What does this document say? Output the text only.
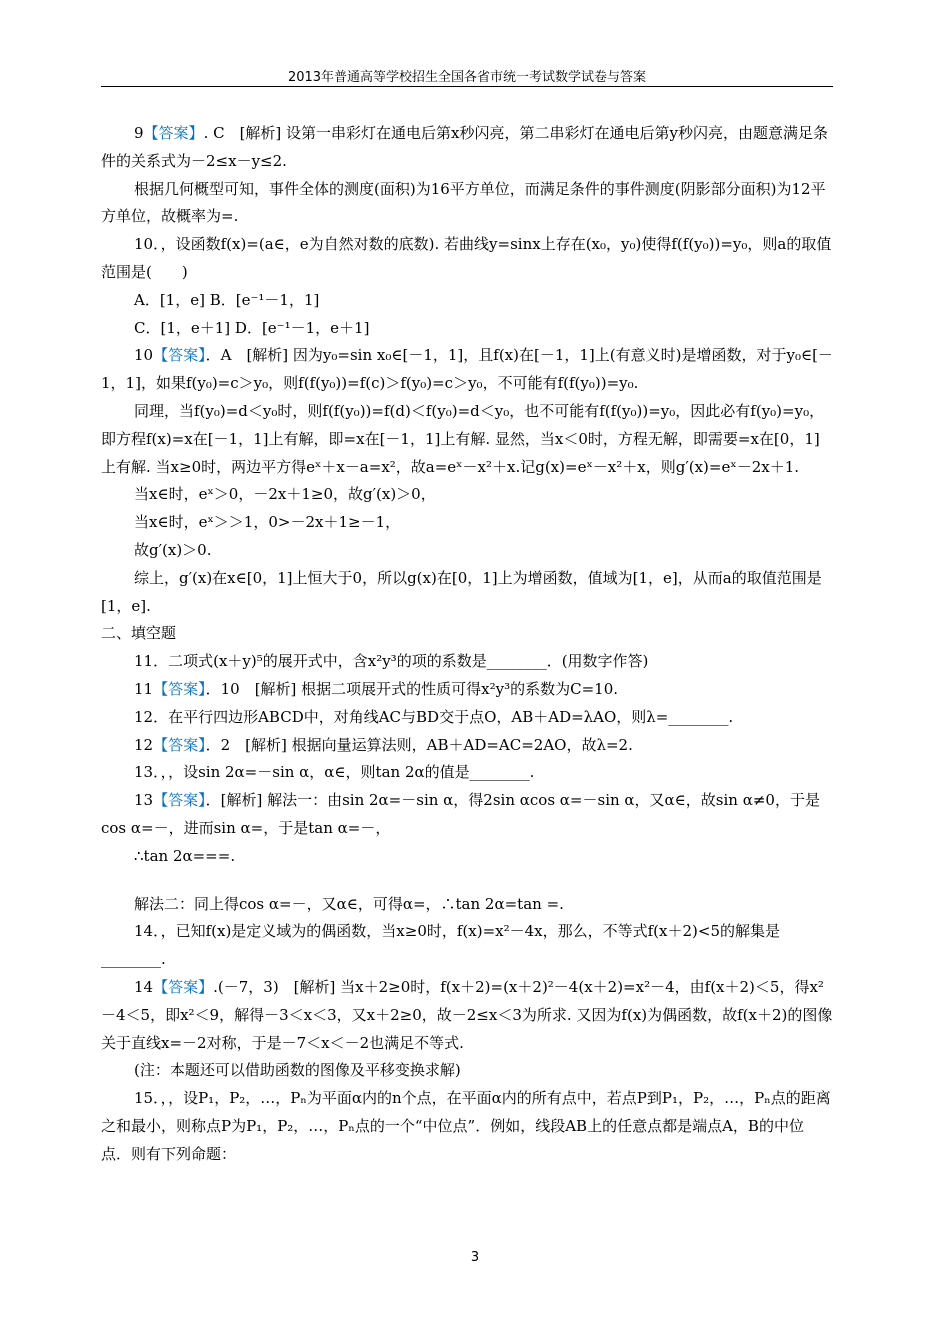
2013年普通高等学校招生全国各省市统一考试数学试卷与答案

9【答案】. C　[解析] 设第一串彩灯在通电后第x秒闪亮，第二串彩灯在通电后第y秒闪亮，由题意满足条件的关系式为－2≤x－y≤2.

根据几何概型可知，事件全体的测度(面积)为16平方单位，而满足条件的事件测度(阴影部分面积)为12平方单位，故概率为=.

10．，设函数f(x)=(a∈，e为自然对数的底数). 若曲线y=sinx上存在(x₀，y₀)使得f(f(y₀))=y₀，则a的取值范围是(　　)

A．[1，e] B．[e⁻¹－1，1]

C．[1，e＋1] D．[e⁻¹－1，e＋1]

10【答案】．A　[解析] 因为y₀=sin x₀∈[－1，1]，且f(x)在[－1，1]上(有意义时)是增函数，对于y₀∈[－1，1]，如果f(y₀)=c＞y₀，则f(f(y₀))=f(c)＞f(y₀)=c＞y₀，不可能有f(f(y₀))=y₀.

同理，当f(y₀)=d＜y₀时，则f(f(y₀))=f(d)＜f(y₀)=d＜y₀，也不可能有f(f(y₀))=y₀，因此必有f(y₀)=y₀，即方程f(x)=x在[－1，1]上有解，即=x在[－1，1]上有解. 显然，当x＜0时，方程无解，即需要=x在[0，1]上有解. 当x≥0时，两边平方得eˣ＋x－a=x²，故a=eˣ－x²＋x.记g(x)=eˣ－x²＋x，则g′(x)=eˣ－2x＋1.

当x∈时，eˣ＞0，－2x＋1≥0，故g′(x)＞0，

当x∈时，eˣ＞＞1，0>－2x＋1≥－1，

故g′(x)＞0.

综上，g′(x)在x∈[0，1]上恒大于0，所以g(x)在[0，1]上为增函数，值域为[1，e]，从而a的取值范围是[1，e].

二、填空题

11．二项式(x＋y)⁵的展开式中，含x²y³的项的系数是________．(用数字作答)

11【答案】．10　[解析] 根据二项展开式的性质可得x²y³的系数为C=10.

12．在平行四边形ABCD中，对角线AC与BD交于点O，AB＋AD=λAO，则λ=________.

12【答案】．2　[解析] 根据向量运算法则，AB＋AD=AC=2AO，故λ=2.

13．，，设sin 2α=－sin α，α∈，则tan 2α的值是________.

13【答案】．[解析] 解法一：由sin 2α=－sin α，得2sin αcos α=－sin α，又α∈，故sin α≠0，于是cos α=－，进而sin α=，于是tan α=－，

∴tan 2α===.

解法二：同上得cos α=－，又α∈，可得α=，∴tan 2α=tan =.

14．，已知f(x)是定义域为的偶函数，当x≥0时，f(x)=x²－4x，那么，不等式f(x＋2)<5的解集是________.

14【答案】.(－7，3)　[解析] 当x＋2≥0时，f(x＋2)=(x＋2)²－4(x＋2)=x²－4，由f(x＋2)＜5，得x²－4＜5，即x²＜9，解得－3＜x＜3，又x＋2≥0，故－2≤x＜3为所求. 又因为f(x)为偶函数，故f(x＋2)的图像关于直线x=－2对称，于是－7＜x＜－2也满足不等式.

(注：本题还可以借助函数的图像及平移变换求解)

15．，，设P₁，P₂，…，Pₙ为平面α内的n个点，在平面α内的所有点中，若点P到P₁，P₂，…，Pₙ点的距离之和最小，则称点P为P₁，P₂，…，Pₙ点的一个“中位点”．例如，线段AB上的任意点都是端点A，B的中位点．则有下列命题：

3
